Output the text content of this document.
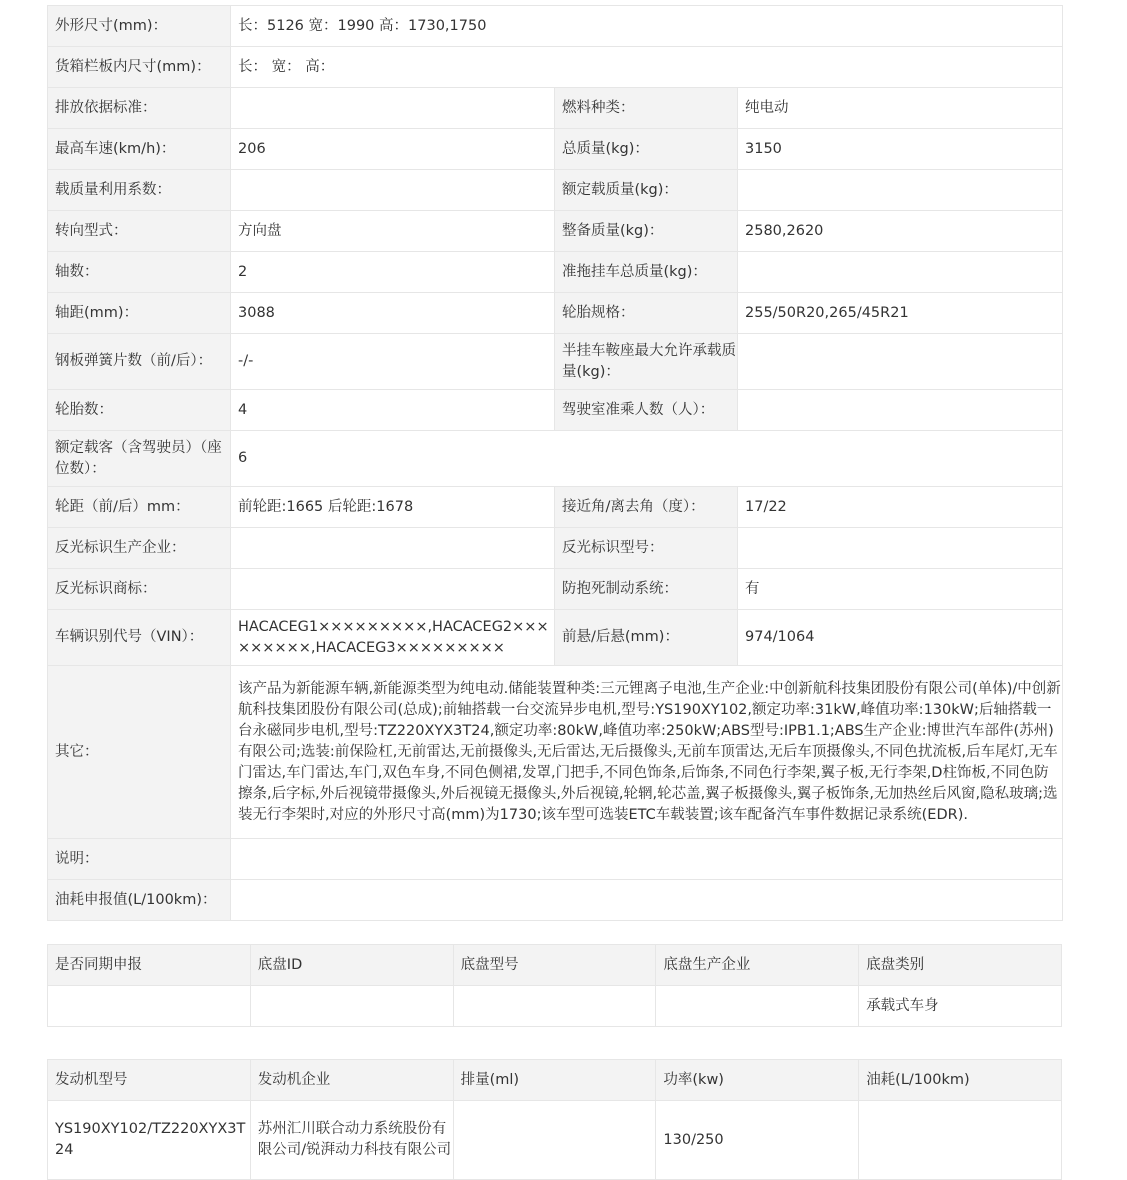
外形尺寸(mm)：	长：5126 宽：1990 高：1730,1750		
货箱栏板内尺寸(mm)：	长： 宽： 高：		
排放依据标准：		燃料种类：	纯电动
最高车速(km/h)：	206	总质量(kg)：	3150
载质量利用系数：		额定载质量(kg)：	
转向型式：	方向盘	整备质量(kg)：	2580,2620
轴数：	2	准拖挂车总质量(kg)：	
轴距(mm)：	3088	轮胎规格：	255/50R20,265/45R21
钢板弹簧片数（前/后）：	-/-	半挂车鞍座最大允许承载质量(kg)：	
轮胎数：	4	驾驶室准乘人数（人）：	
额定载客（含驾驶员）（座位数）：	6		
轮距（前/后）mm：	前轮距:1665 后轮距:1678	接近角/离去角（度）：	17/22
反光标识生产企业：		反光标识型号：	
反光标识商标：		防抱死制动系统：	有
车辆识别代号（VIN）：	HACACEG1×××××××××,HACACEG2×××××××××,HACACEG3×××××××××	前悬/后悬(mm)：	974/1064
其它：	该产品为新能源车辆,新能源类型为纯电动.储能装置种类:三元锂离子电池,生产企业:中创新航科技集团股份有限公司(单体)/中创新航科技集团股份有限公司(总成);前轴搭载一台交流异步电机,型号:YS190XY102,额定功率:31kW,峰值功率:130kW;后轴搭载一台永磁同步电机,型号:TZ220XYX3T24,额定功率:80kW,峰值功率:250kW;ABS型号:IPB1.1;ABS生产企业:博世汽车部件(苏州)有限公司;选装:前保险杠,无前雷达,无前摄像头,无后雷达,无后摄像头,无前车顶雷达,无后车顶摄像头,不同色扰流板,后车尾灯,无车门雷达,车门雷达,车门,双色车身,不同色侧裙,发罩,门把手,不同色饰条,后饰条,不同色行李架,翼子板,无行李架,D柱饰板,不同色防擦条,后字标,外后视镜带摄像头,外后视镜无摄像头,外后视镜,轮辋,轮芯盖,翼子板摄像头,翼子板饰条,无加热丝后风窗,隐私玻璃;选装无行李架时,对应的外形尺寸高(mm)为1730;该车型可选装ETC车载装置;该车配备汽车事件数据记录系统(EDR).		
说明：			
油耗申报值(L/100km)：			
是否同期申报	底盘ID	底盘型号	底盘生产企业	底盘类别
				承载式车身
发动机型号	发动机企业	排量(ml)	功率(kw)	油耗(L/100km)
YS190XY102/TZ220XYX3T24	苏州汇川联合动力系统股份有限公司/锐湃动力科技有限公司		130/250	
